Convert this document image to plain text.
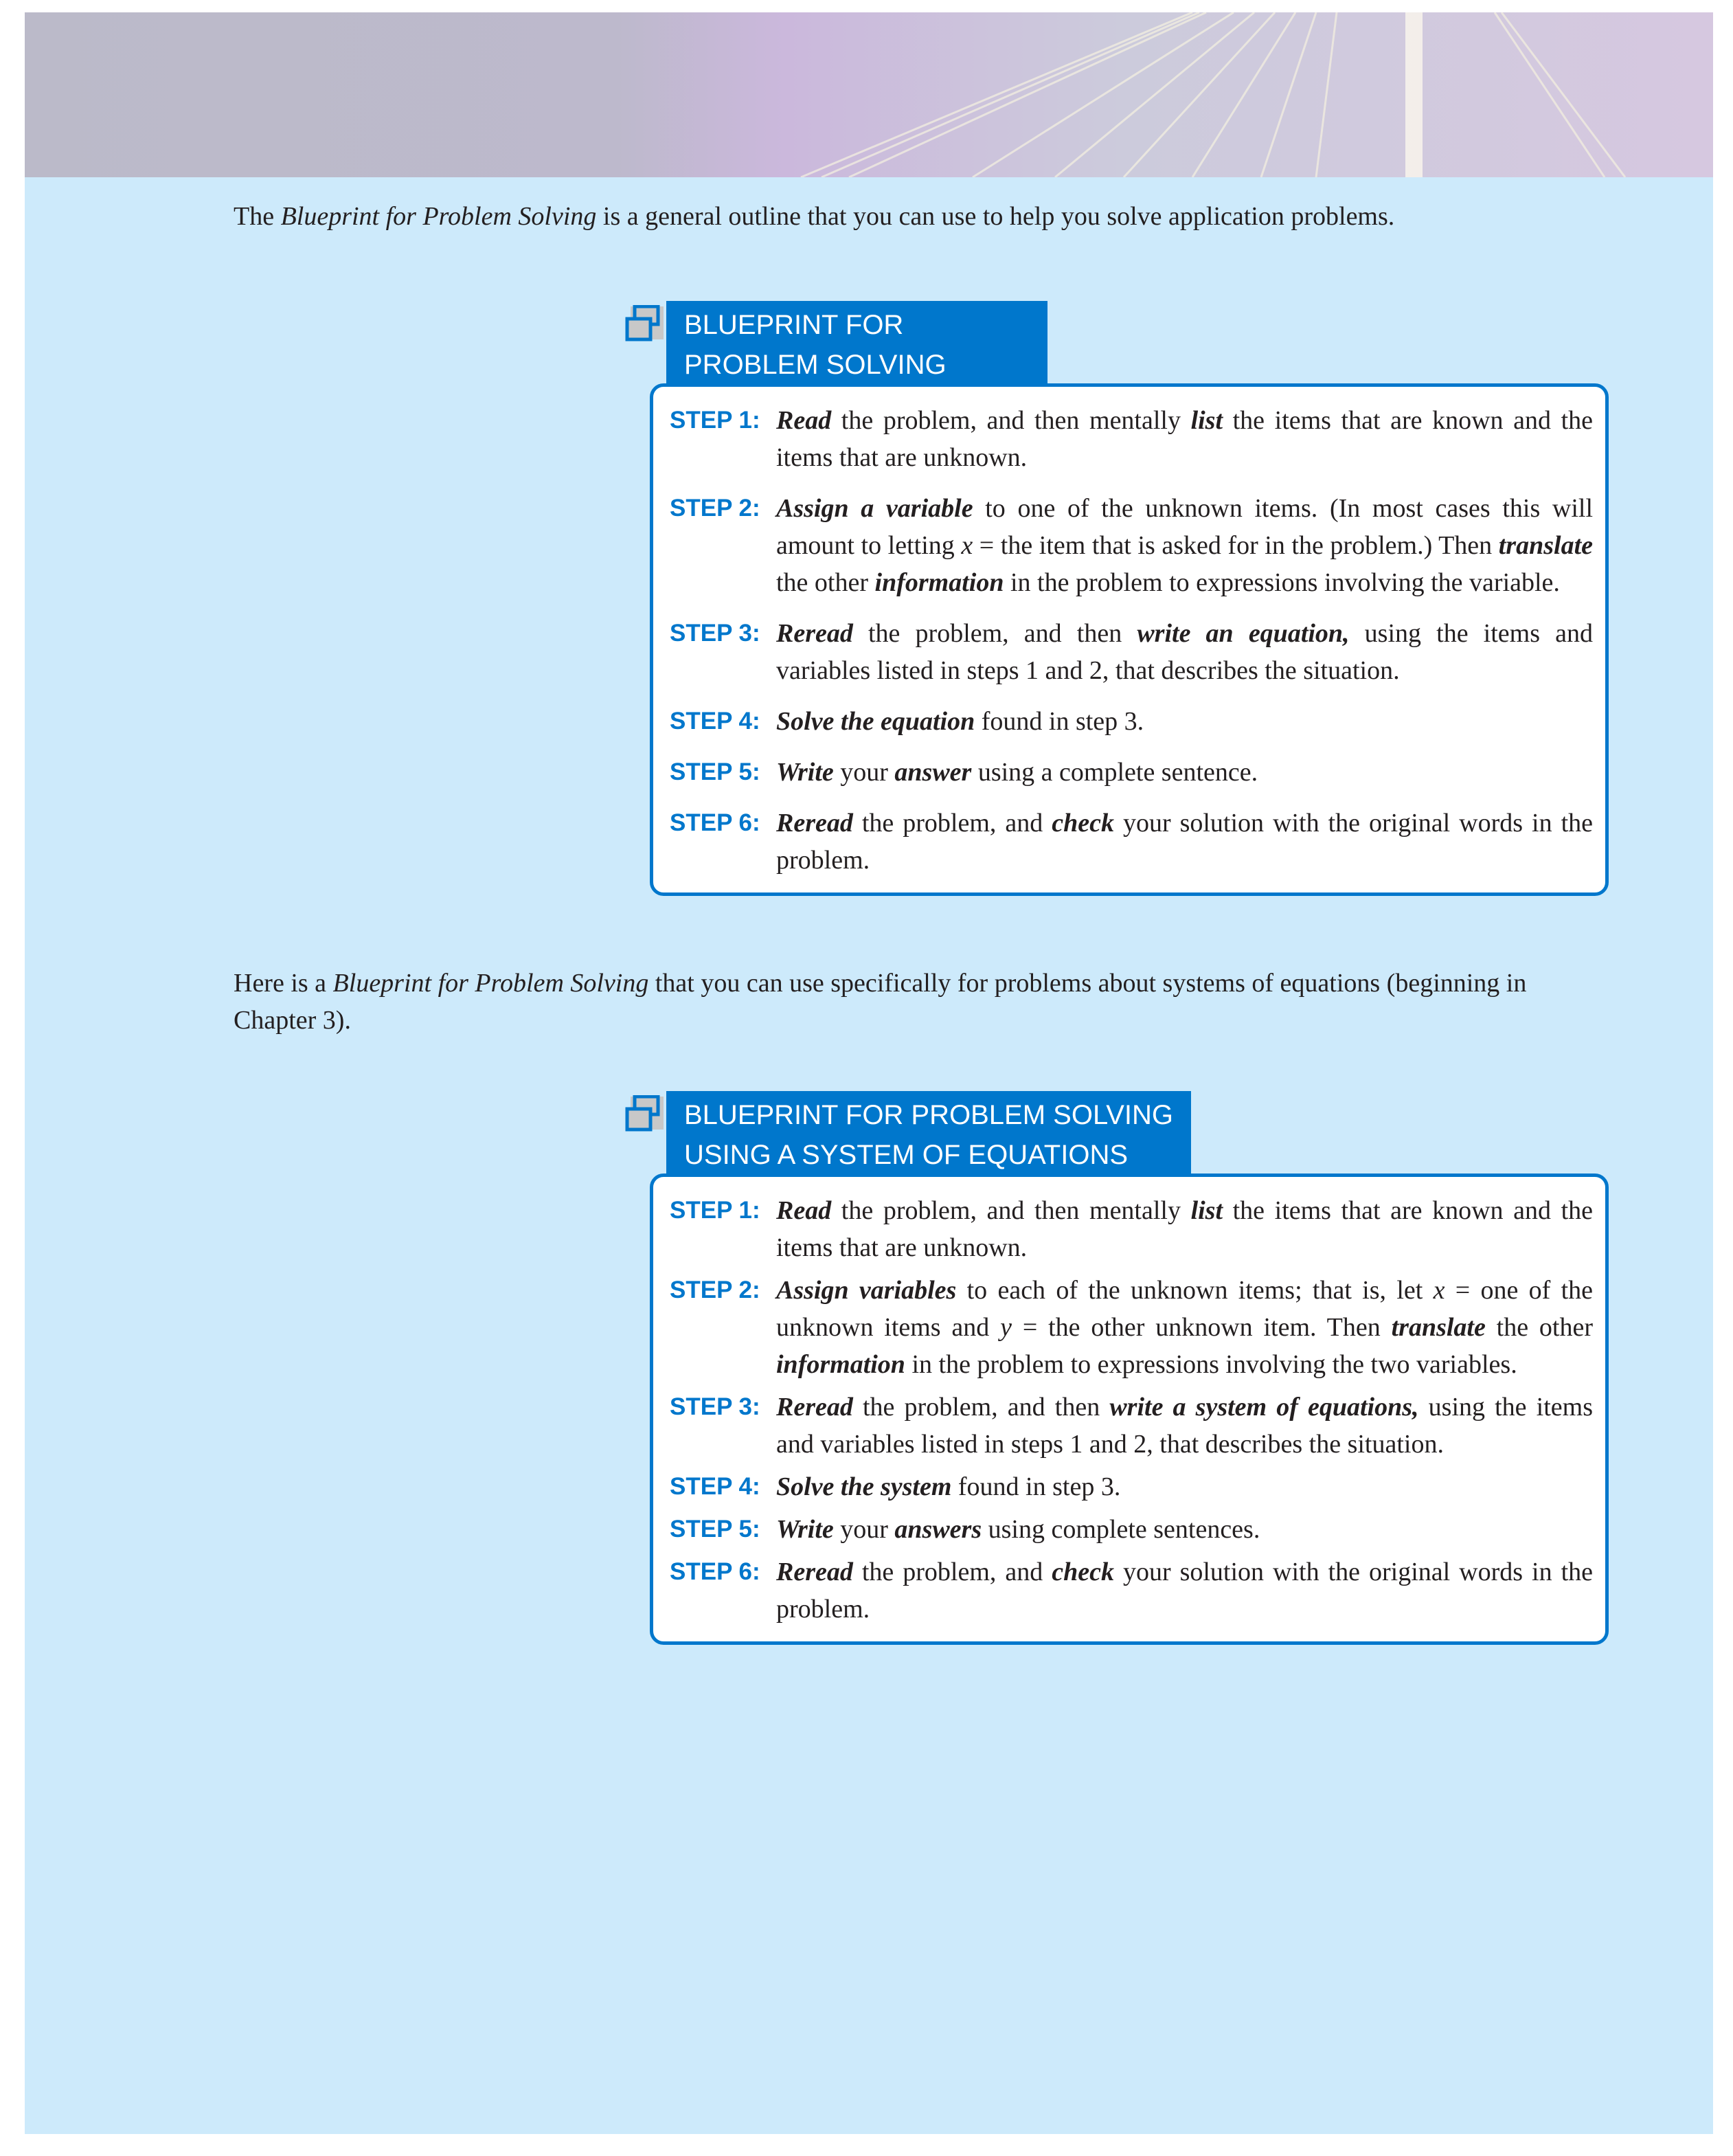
The Blueprint for Problem Solving is a general outline that you can use to help you solve application problems.

BLUEPRINT FOR
PROBLEM SOLVING
STEP 1: Read the problem, and then mentally list the items that are known and the items that are unknown.
STEP 2: Assign a variable to one of the unknown items. (In most cases this will amount to letting x = the item that is asked for in the problem.) Then translate the other information in the problem to expressions involving the variable.
STEP 3: Reread the problem, and then write an equation, using the items and variables listed in steps 1 and 2, that describes the situation.
STEP 4: Solve the equation found in step 3.
STEP 5: Write your answer using a complete sentence.
STEP 6: Reread the problem, and check your solution with the original words in the problem.

Here is a Blueprint for Problem Solving that you can use specifically for problems about systems of equations (beginning in Chapter 3).

BLUEPRINT FOR PROBLEM SOLVING
USING A SYSTEM OF EQUATIONS
STEP 1: Read the problem, and then mentally list the items that are known and the items that are unknown.
STEP 2: Assign variables to each of the unknown items; that is, let x = one of the unknown items and y = the other unknown item. Then translate the other information in the problem to expressions involving the two variables.
STEP 3: Reread the problem, and then write a system of equations, using the items and variables listed in steps 1 and 2, that describes the situation.
STEP 4: Solve the system found in step 3.
STEP 5: Write your answers using complete sentences.
STEP 6: Reread the problem, and check your solution with the original words in the problem.
